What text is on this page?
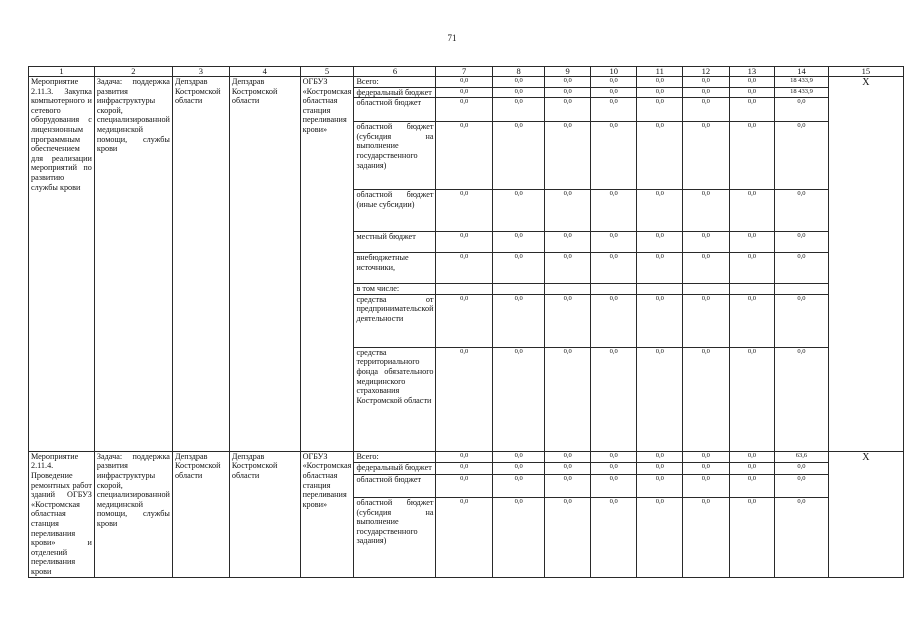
71
1	2	3	4	5	6	7	8	9	10	11	12	13	14	15
Мероприятие 2.11.3. Закупка компьютерного и сетевого оборудования с лицензионным программным обеспечением для реализации мероприятий по развитию службы крови	Задача: поддержка развития инфраструктуры скорой, специализированной медицинской помощи, службы крови	Депздрав Костромской области	Депздрав Костромской области	ОГБУЗ «Костромская областная станция переливания крови»	Всего:	0,0	0,0	0,0	0,0	0,0	0,0	0,0	18 433,9	Х
					федеральный бюджет	0,0	0,0	0,0	0,0	0,0	0,0	0,0	18 433,9	
					областной бюджет	0,0	0,0	0,0	0,0	0,0	0,0	0,0	0,0	
					областной бюджет (субсидия на выполнение государственного задания)	0,0	0,0	0,0	0,0	0,0	0,0	0,0	0,0	
					областной бюджет (иные субсидии)	0,0	0,0	0,0	0,0	0,0	0,0	0,0	0,0	
					местный бюджет	0,0	0,0	0,0	0,0	0,0	0,0	0,0	0,0	
					внебюджетные источники,	0,0	0,0	0,0	0,0	0,0	0,0	0,0	0,0	
					в том числе:									
					средства от предпринимательской деятельности	0,0	0,0	0,0	0,0	0,0	0,0	0,0	0,0	
					средства территориального фонда обязательного медицинского страхования Костромской области	0,0	0,0	0,0	0,0	0,0	0,0	0,0	0,0	
Мероприятие 2.11.4. Проведение ремонтных работ зданий ОГБУЗ «Костромская областная станция переливания крови» и отделений переливания крови	Задача: поддержка развития инфраструктуры скорой, специализированной медицинской помощи, службы крови	Депздрав Костромской области	Депздрав Костромской области	ОГБУЗ «Костромская областная станция переливания крови»	Всего:	0,0	0,0	0,0	0,0	0,0	0,0	0,0	63,6	Х
					федеральный бюджет	0,0	0,0	0,0	0,0	0,0	0,0	0,0	0,0	
					областной бюджет	0,0	0,0	0,0	0,0	0,0	0,0	0,0	0,0	
					областной бюджет (субсидия на выполнение государственного задания)	0,0	0,0	0,0	0,0	0,0	0,0	0,0	0,0	
